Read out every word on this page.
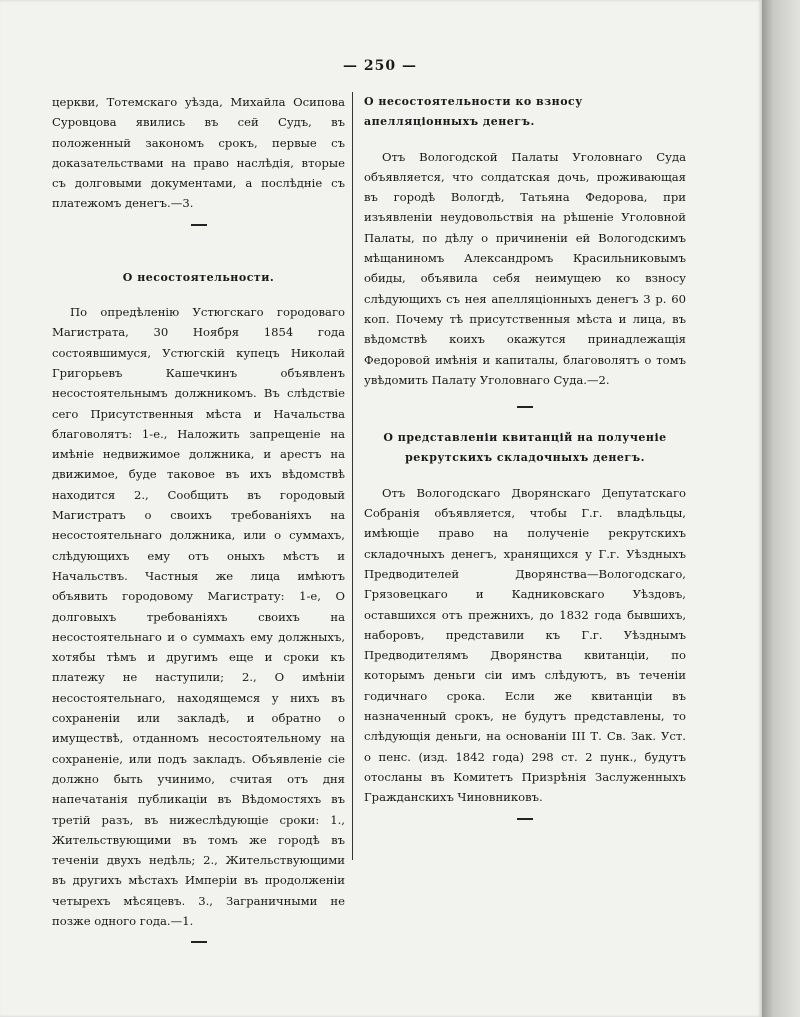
— 250 —

церкви, Тотемскаго уѣзда, Михайла Осипова Суровцова явились въ сей Судъ, въ положенный закономъ срокъ, первые съ доказательствами на право наслѣдія, вторые съ долговыми документами, а послѣдніе съ платежомъ денегъ.—3.

О несостоятельности.

По опредѣленію Устюгскаго городоваго Магистрата, 30 Ноября 1854 года состоявшимуся, Устюгскій купецъ Николай Григорьевъ Кашечкинъ объявленъ несостоятельнымъ должникомъ. Въ слѣдствіе сего Присутственныя мѣста и Начальства благоволятъ: 1-е., Наложить запрещеніе на имѣніе недвижимое должника, и арестъ на движимое, буде таковое въ ихъ вѣдомствѣ находится 2., Сообщить въ городовый Магистратъ о своихъ требованіяхъ на несостоятельнаго должника, или о суммахъ, слѣдующихъ ему отъ оныхъ мѣстъ и Начальствъ. Частныя же лица имѣютъ объявить городовому Магистрату: 1-е, О долговыхъ требованіяхъ своихъ на несостоятельнаго и о суммахъ ему должныхъ, хотябы тѣмъ и другимъ еще и сроки къ платежу не наступили; 2., О имѣніи несостоятельнаго, находящемся у нихъ въ сохраненіи или закладѣ, и обратно о имуществѣ, отданномъ несостоятельному на сохраненіе, или подъ закладъ. Объявленіе сіе должно быть учинимо, считая отъ дня напечатанія публикаціи въ Вѣдомостяхъ въ третій разъ, въ нижеслѣдующіе сроки: 1., Жительствующими въ томъ же городѣ въ теченіи двухъ недѣль; 2., Жительствующими въ другихъ мѣстахъ Имперіи въ продолженіи четырехъ мѣсяцевъ. 3., Заграничными не позже одного года.—1.

О несостоятельности ко взносу апелляціонныхъ денегъ.

Отъ Вологодской Палаты Уголовнаго Суда объявляется, что солдатская дочь, проживающая въ городѣ Вологдѣ, Татьяна Федорова, при изъявленіи неудовольствія на рѣшеніе Уголовной Палаты, по дѣлу о причиненіи ей Вологодскимъ мѣщаниномъ Александромъ Красильниковымъ обиды, объявила себя неимущею ко взносу слѣдующихъ съ нея апелляціонныхъ денегъ 3 р. 60 коп. Почему тѣ присутственныя мѣста и лица, въ вѣдомствѣ коихъ окажутся принадлежащія Федоровой имѣнія и капиталы, благоволятъ о томъ увѣдомить Палату Уголовнаго Суда.—2.

О представленіи квитанцій на полученіе рекрутскихъ складочныхъ денегъ.

Отъ Вологодскаго Дворянскаго Депутатскаго Собранія объявляется, чтобы Г.г. владѣльцы, имѣющіе право на полученіе рекрутскихъ складочныхъ денегъ, хранящихся у Г.г. Уѣздныхъ Предводителей Дворянства—Вологодскаго, Грязовецкаго и Кадниковскаго Уѣздовъ, оставшихся отъ прежнихъ, до 1832 года бывшихъ, наборовъ, представили къ Г.г. Уѣзднымъ Предводителямъ Дворянства квитанціи, по которымъ деньги сіи имъ слѣдуютъ, въ теченіи годичнаго срока. Если же квитанціи въ назначенный срокъ, не будутъ представлены, то слѣдующія деньги, на основаніи III Т. Св. Зак. Уст. о пенс. (изд. 1842 года) 298 ст. 2 пунк., будутъ отосланы въ Комитетъ Призрѣнія Заслуженныхъ Гражданскихъ Чиновниковъ.
